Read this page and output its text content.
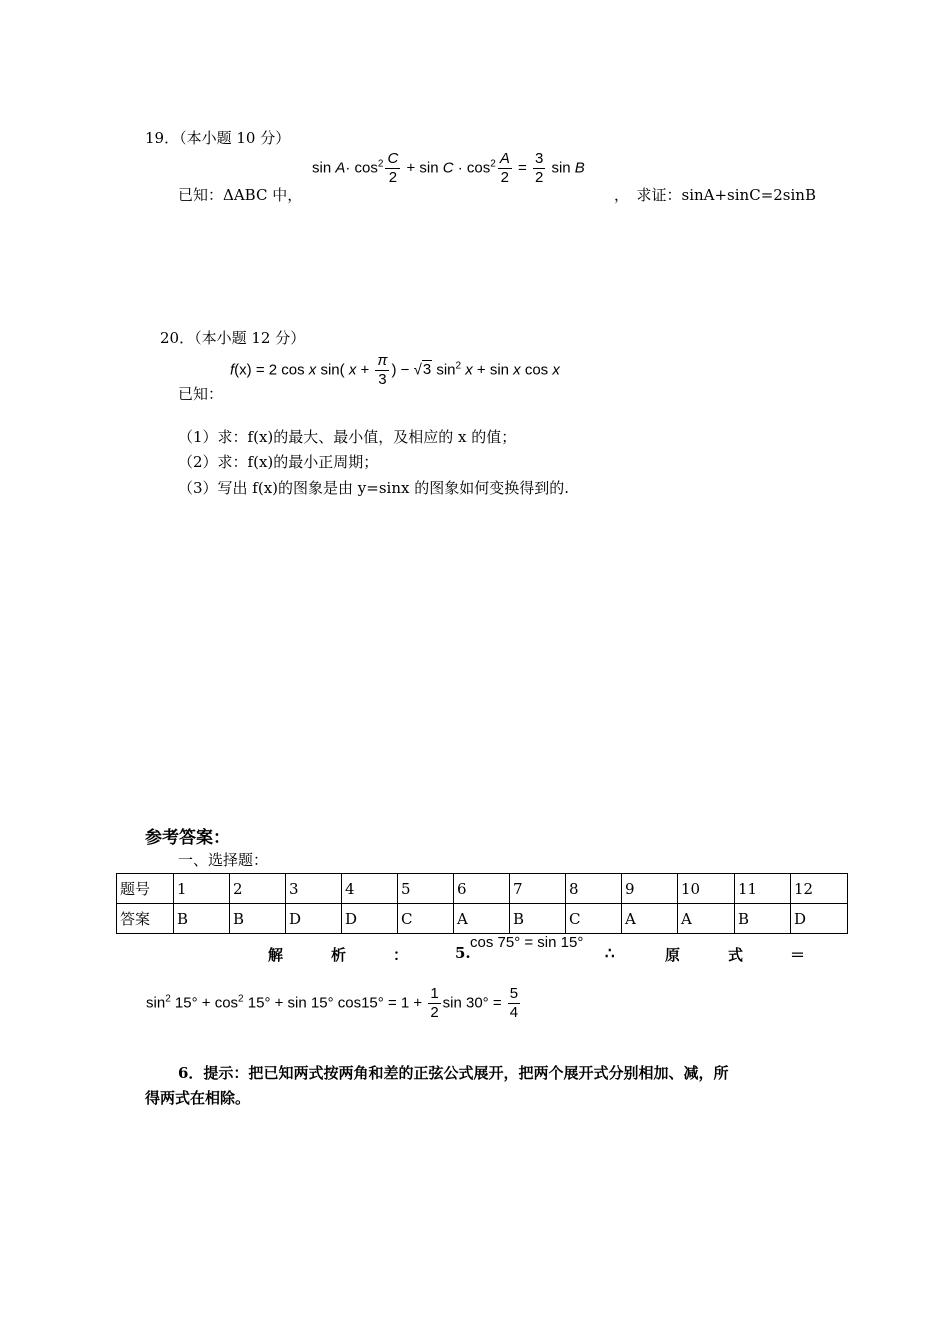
19．（本小题 10 分）
$\sin A\cdot \cos^2 \frac{C}{2} + \sin C \cdot \cos^2 \frac{A}{2} = \frac{3}{2}$ sin B
已知：ΔABC 中，	，　求证：sinA+sinC=2sinB
20．（本小题 12 分）
已知：
f(x) = 2 cos x sin( $x + \frac{\pi}{3}$ ) − √3 $\sin^2 x + \sin x$ cos x
（1）求：f(x)的最大、最小值，及相应的 x 的值；
（2）求：f(x)的最小正周期；
（3）写出 f(x)的图象是由 y=sinx 的图象如何变换得到的.
参考答案：
一、选择题：
题号	1	2	3	4	5	6	7	8	9	10	11	12
答案	B	B	D	D	C	A	B	C	A	A	B	D
解	析	：	5.
cos 75° = sin 15°
∴	原	式	＝
$\sin^2 15^\circ + \cos^2 15^\circ + \sin 15^\circ$ $\cos 15^\circ = 1 + \frac{1}{2}$ $\sin 30^\circ = \frac{5}{4}$
6．提示：把已知两式按两角和差的正弦公式展开，把两个展开式分别相加、减，所
得两式在相除。
